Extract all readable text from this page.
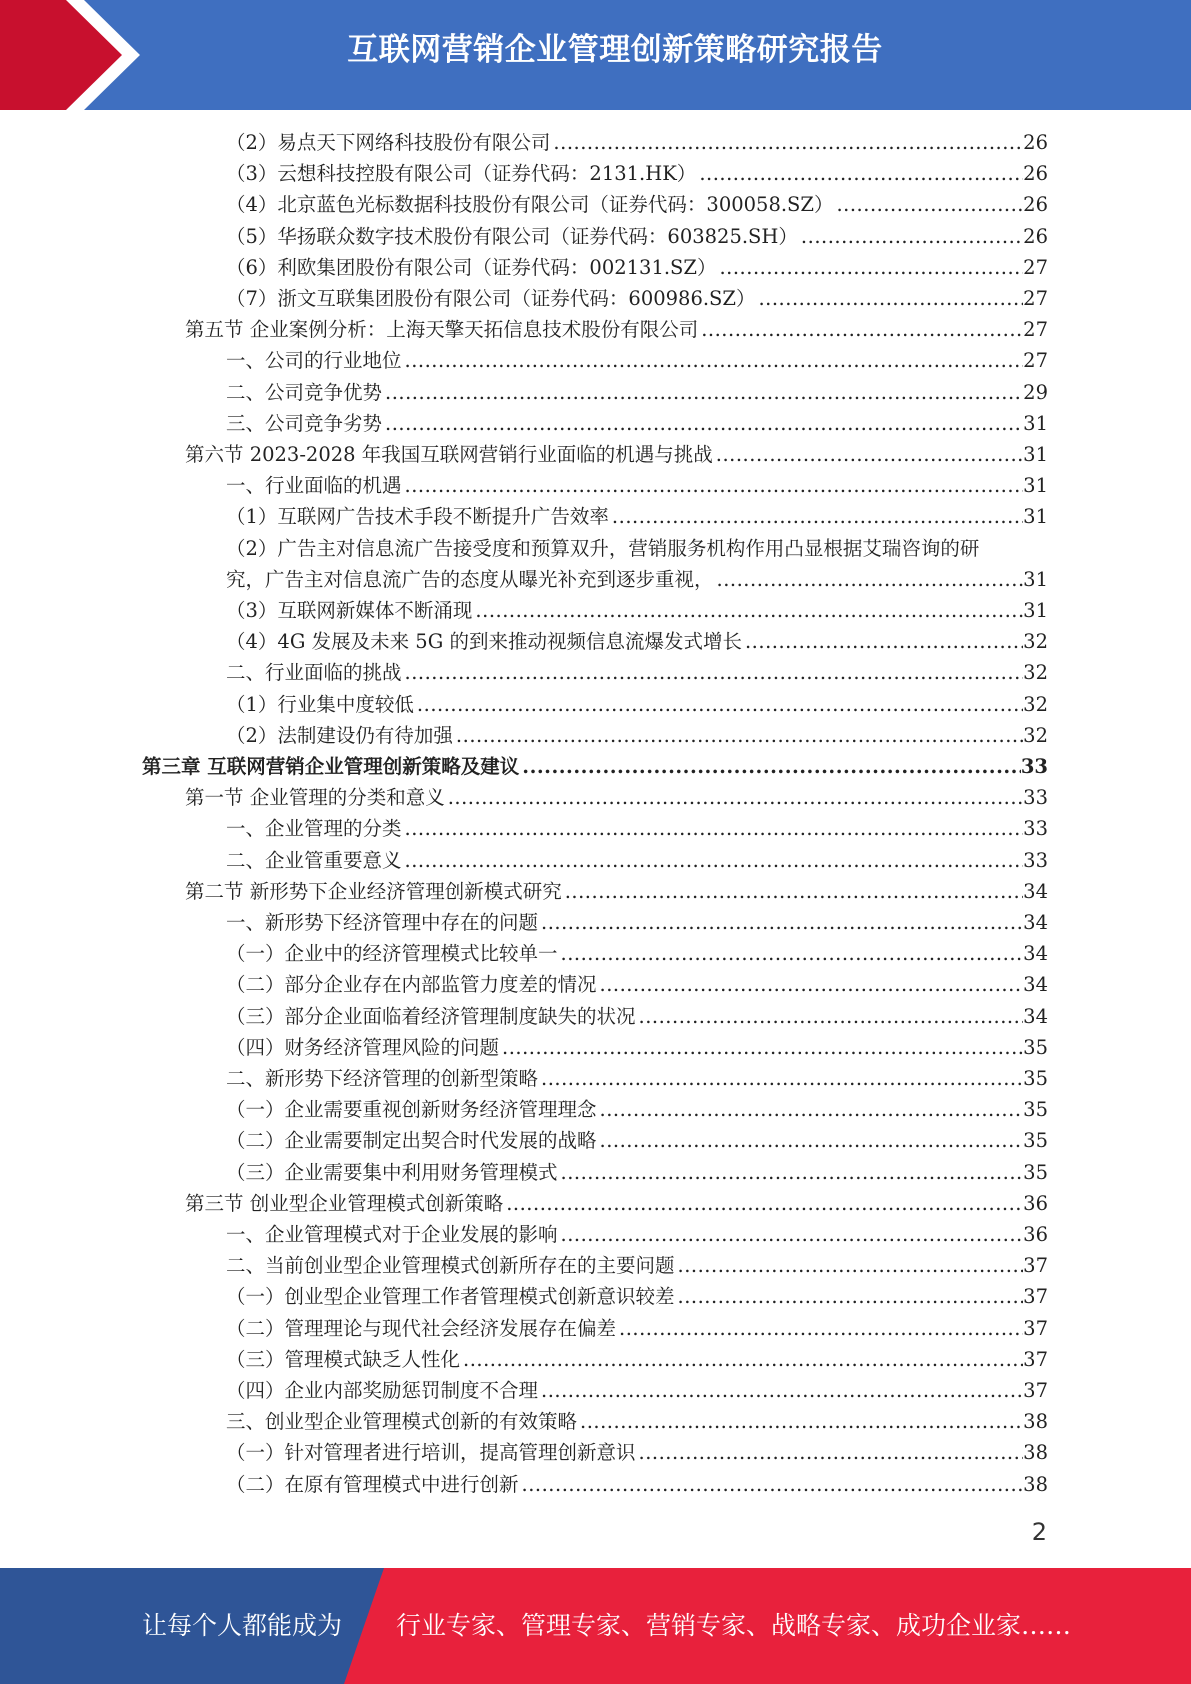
互联网营销企业管理创新策略研究报告
（2）易点天下网络科技股份有限公司 .....	26
（3）云想科技控股有限公司（证券代码：2131.HK） .....	26
（4）北京蓝色光标数据科技股份有限公司（证券代码：300058.SZ） .....	26
（5）华扬联众数字技术股份有限公司（证券代码：603825.SH） .....	26
（6）利欧集团股份有限公司（证券代码：002131.SZ） .....	27
（7）浙文互联集团股份有限公司（证券代码：600986.SZ） .....	27
第五节 企业案例分析：上海天擎天拓信息技术股份有限公司 .....	27
一、公司的行业地位 .....	27
二、公司竞争优势 .....	29
三、公司竞争劣势 .....	31
第六节 2023-2028 年我国互联网营销行业面临的机遇与挑战 .....	31
一、行业面临的机遇 .....	31
（1）互联网广告技术手段不断提升广告效率 .....	31
（2）广告主对信息流广告接受度和预算双升，营销服务机构作用凸显根据艾瑞咨询的研
究，广告主对信息流广告的态度从曝光补充到逐步重视， .....	31
（3）互联网新媒体不断涌现 .....	31
（4）4G 发展及未来 5G 的到来推动视频信息流爆发式增长 .....	32
二、行业面临的挑战 .....	32
（1）行业集中度较低 .....	32
（2）法制建设仍有待加强 .....	32
第三章 互联网营销企业管理创新策略及建议 .....	33
第一节 企业管理的分类和意义 .....	33
一、企业管理的分类 .....	33
二、企业管重要意义 .....	33
第二节 新形势下企业经济管理创新模式研究 .....	34
一、新形势下经济管理中存在的问题 .....	34
（一）企业中的经济管理模式比较单一 .....	34
（二）部分企业存在内部监管力度差的情况 .....	34
（三）部分企业面临着经济管理制度缺失的状况 .....	34
（四）财务经济管理风险的问题 .....	35
二、新形势下经济管理的创新型策略 .....	35
（一）企业需要重视创新财务经济管理理念 .....	35
（二）企业需要制定出契合时代发展的战略 .....	35
（三）企业需要集中利用财务管理模式 .....	35
第三节 创业型企业管理模式创新策略 .....	36
一、企业管理模式对于企业发展的影响 .....	36
二、当前创业型企业管理模式创新所存在的主要问题 .....	37
（一）创业型企业管理工作者管理模式创新意识较差 .....	37
（二）管理理论与现代社会经济发展存在偏差 .....	37
（三）管理模式缺乏人性化 .....	37
（四）企业内部奖励惩罚制度不合理 .....	37
三、创业型企业管理模式创新的有效策略 .....	38
（一）针对管理者进行培训，提高管理创新意识 .....	38
（二）在原有管理模式中进行创新 .....	38
2
让每个人都能成为 行业专家、管理专家、营销专家、战略专家、成功企业家……
